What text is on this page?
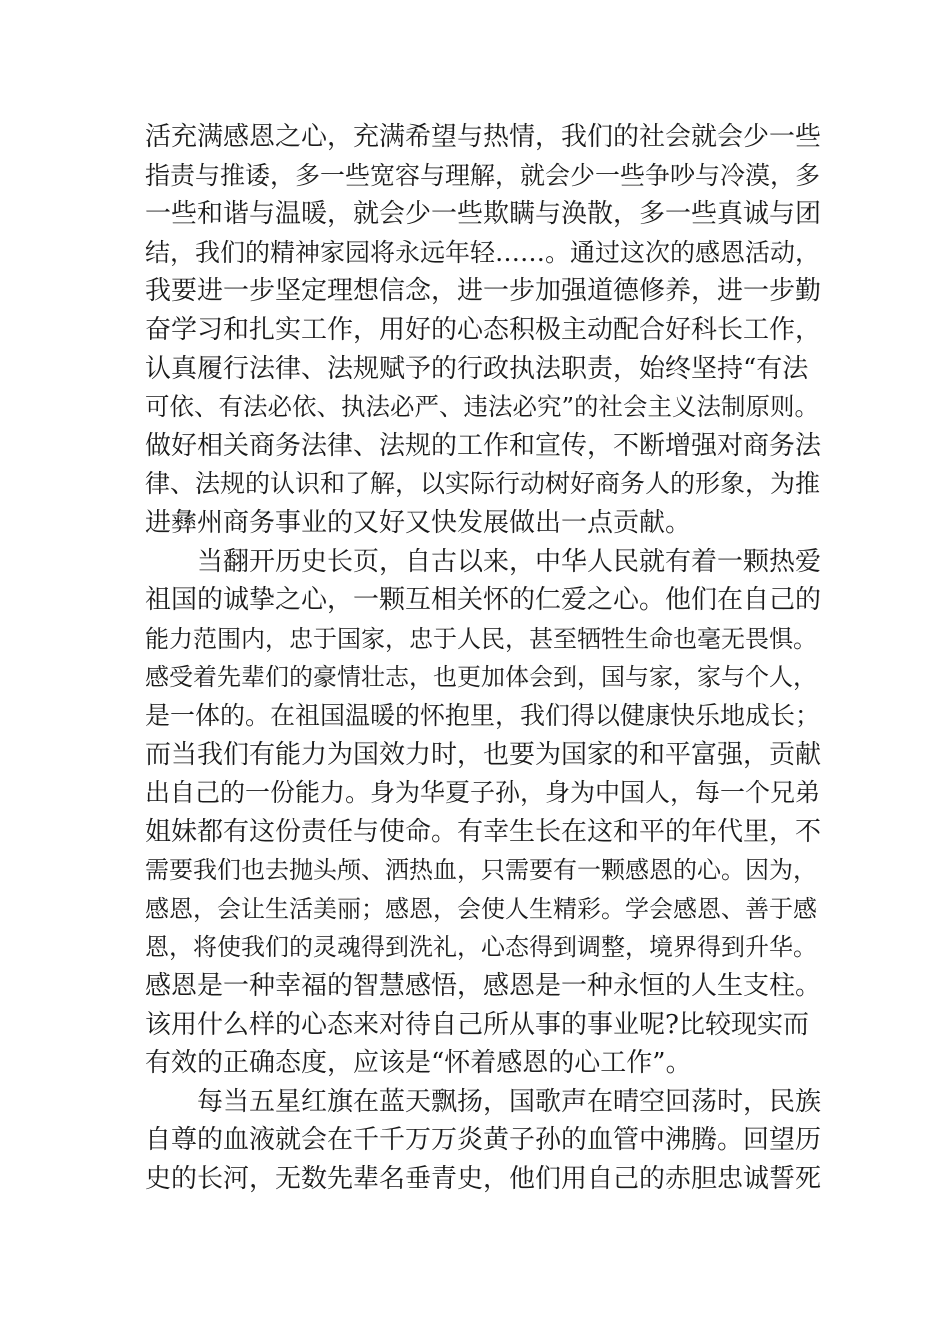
活充满感恩之心，充满希望与热情，我们的社会就会少一些
指责与推诿，多一些宽容与理解，就会少一些争吵与冷漠，多
一些和谐与温暖，就会少一些欺瞒与涣散，多一些真诚与团
结，我们的精神家园将永远年轻……。通过这次的感恩活动，
我要进一步坚定理想信念，进一步加强道德修养，进一步勤
奋学习和扎实工作，用好的心态积极主动配合好科长工作，
认真履行法律、法规赋予的行政执法职责，始终坚持“有法
可依、有法必依、执法必严、违法必究”的社会主义法制原则。
做好相关商务法律、法规的工作和宣传，不断增强对商务法
律、法规的认识和了解，以实际行动树好商务人的形象，为推
进彝州商务事业的又好又快发展做出一点贡献。
　　当翻开历史长页，自古以来，中华人民就有着一颗热爱
祖国的诚挚之心，一颗互相关怀的仁爱之心。他们在自己的
能力范围内，忠于国家，忠于人民，甚至牺牲生命也毫无畏惧。
感受着先辈们的豪情壮志，也更加体会到，国与家，家与个人，
是一体的。在祖国温暖的怀抱里，我们得以健康快乐地成长；
而当我们有能力为国效力时，也要为国家的和平富强，贡献
出自己的一份能力。身为华夏子孙，身为中国人，每一个兄弟
姐妹都有这份责任与使命。有幸生长在这和平的年代里，不
需要我们也去抛头颅、洒热血，只需要有一颗感恩的心。因为，
感恩，会让生活美丽；感恩，会使人生精彩。学会感恩、善于感
恩，将使我们的灵魂得到洗礼，心态得到调整，境界得到升华。
感恩是一种幸福的智慧感悟，感恩是一种永恒的人生支柱。
该用什么样的心态来对待自己所从事的事业呢?比较现实而
有效的正确态度，应该是“怀着感恩的心工作”。
　　每当五星红旗在蓝天飘扬，国歌声在晴空回荡时，民族
自尊的血液就会在千千万万炎黄子孙的血管中沸腾。回望历
史的长河，无数先辈名垂青史，他们用自己的赤胆忠诚誓死
